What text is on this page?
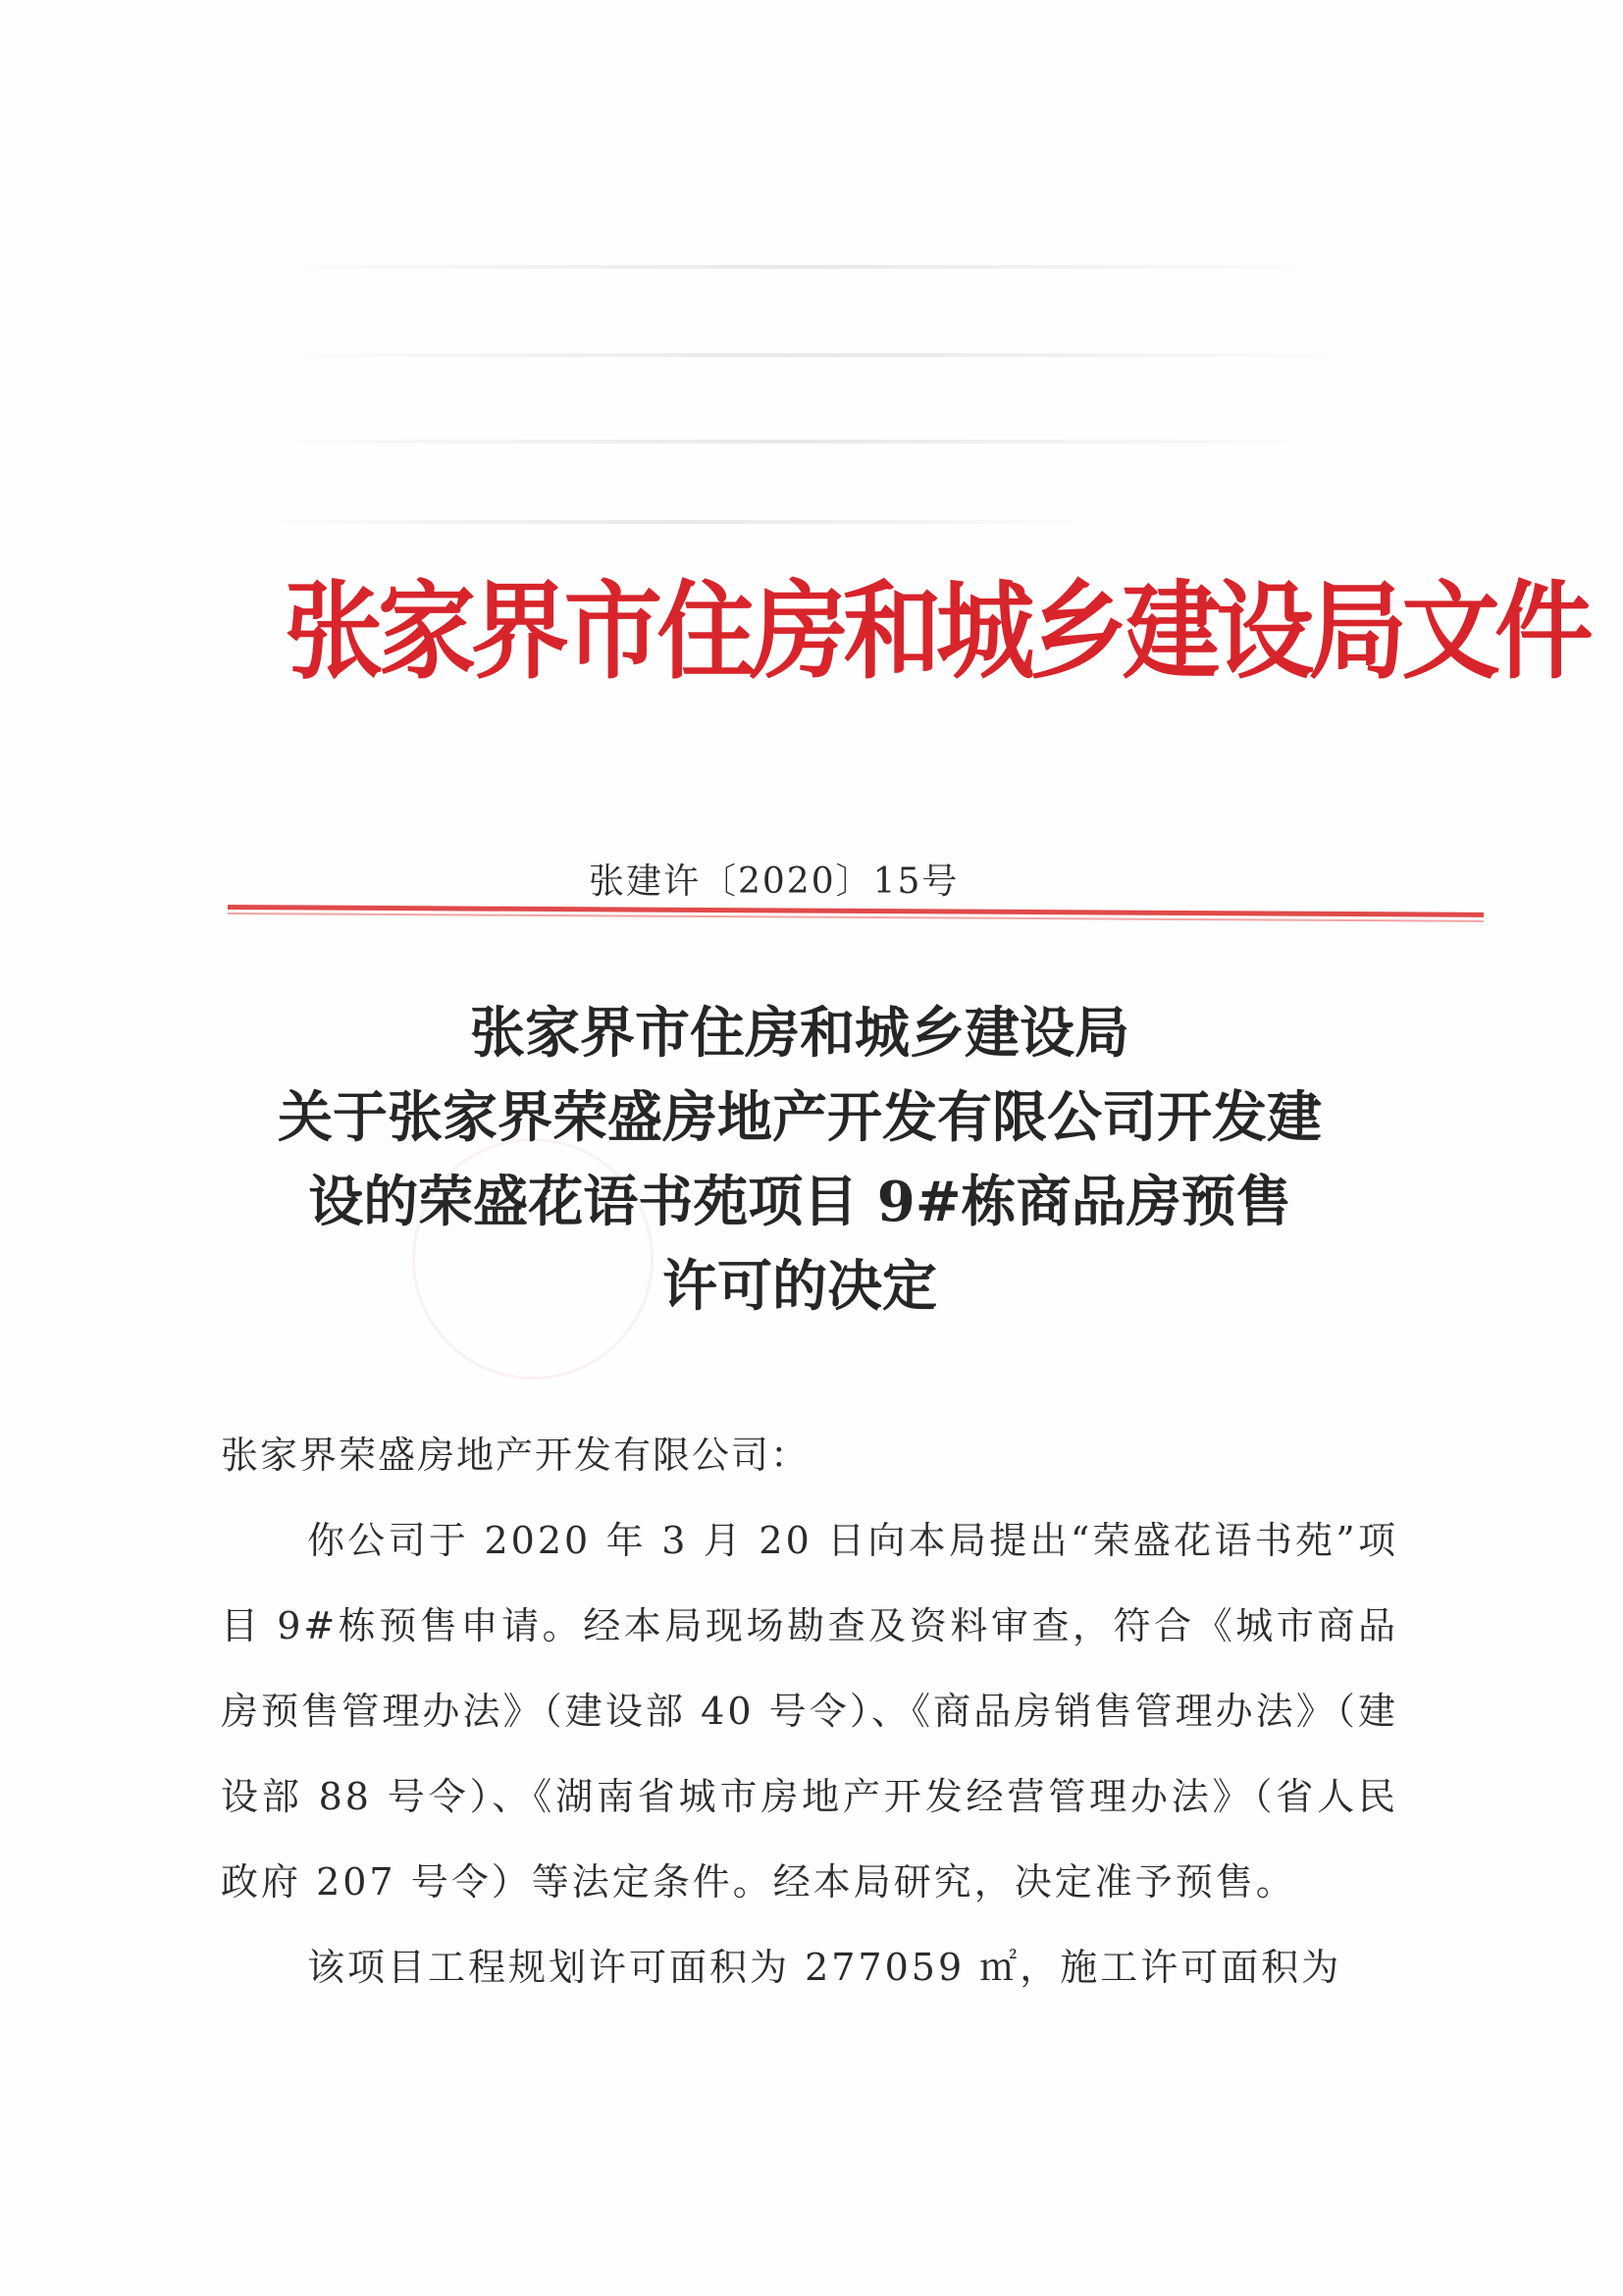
张家界市住房和城乡建设局文件
张建许〔2020〕15号
张家界市住房和城乡建设局
关于张家界荣盛房地产开发有限公司开发建
设的荣盛花语书苑项目 9#栋商品房预售
许可的决定
张家界荣盛房地产开发有限公司：

你公司于 2020 年 3 月 20 日向本局提出“荣盛花语书苑”项目 9#栋预售申请。经本局现场勘查及资料审查，符合《城市商品房预售管理办法》（建设部 40 号令）、《商品房销售管理办法》（建设部 88 号令）、《湖南省城市房地产开发经营管理办法》（省人民政府 207 号令）等法定条件。经本局研究，决定准予预售。

该项目工程规划许可面积为 277059 ㎡，施工许可面积为
